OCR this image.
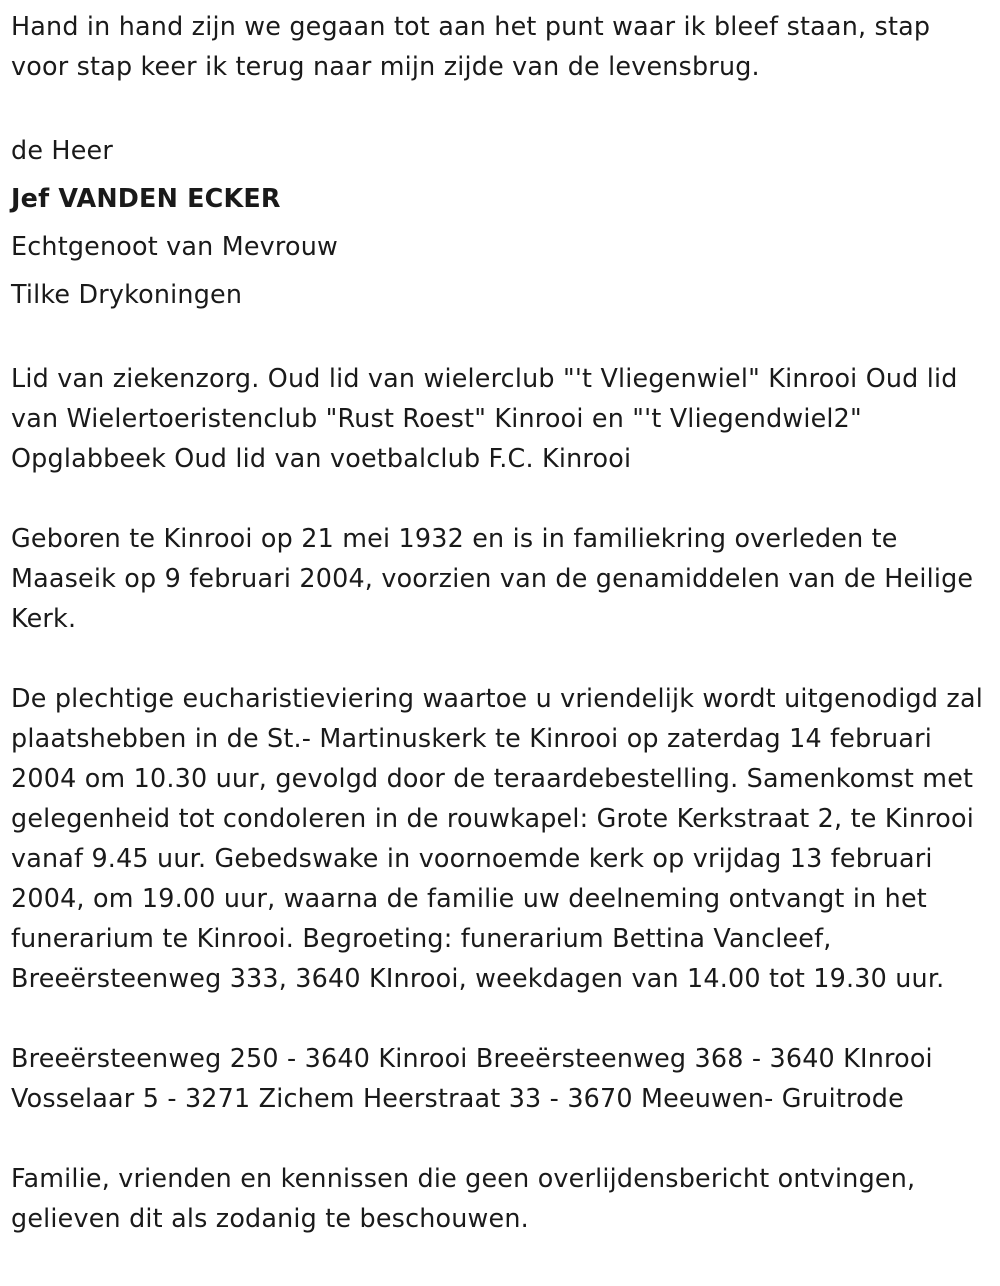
Hand in hand zijn we gegaan tot aan het punt waar ik bleef staan, stap voor stap keer ik terug naar mijn zijde van de levensbrug.

de Heer

Jef VANDEN ECKER

Echtgenoot van Mevrouw

Tilke Drykoningen

Lid van ziekenzorg. Oud lid van wielerclub "'t Vliegenwiel" Kinrooi Oud lid van Wielertoeristenclub "Rust Roest" Kinrooi en "'t Vliegendwiel2" Opglabbeek Oud lid van voetbalclub F.C. Kinrooi

Geboren te Kinrooi op 21 mei 1932 en is in familiekring overleden te Maaseik op 9 februari 2004, voorzien van de genamiddelen van de Heilige Kerk.

De plechtige eucharistieviering waartoe u vriendelijk wordt uitgenodigd zal plaatshebben in de St.- Martinuskerk te Kinrooi op zaterdag 14 februari 2004 om 10.30 uur, gevolgd door de teraardebestelling. Samenkomst met gelegenheid tot condoleren in de rouwkapel: Grote Kerkstraat 2, te Kinrooi vanaf 9.45 uur. Gebedswake in voornoemde kerk op vrijdag 13 februari 2004, om 19.00 uur, waarna de familie uw deelneming ontvangt in het funerarium te Kinrooi. Begroeting: funerarium Bettina Vancleef, Breeërsteenweg 333, 3640 KInrooi, weekdagen van 14.00 tot 19.30 uur.

Breeërsteenweg 250 - 3640 Kinrooi Breeërsteenweg 368 - 3640 KInrooi Vosselaar 5 - 3271 Zichem Heerstraat 33 - 3670 Meeuwen- Gruitrode

Familie, vrienden en kennissen die geen overlijdensbericht ontvingen, gelieven dit als zodanig te beschouwen.
